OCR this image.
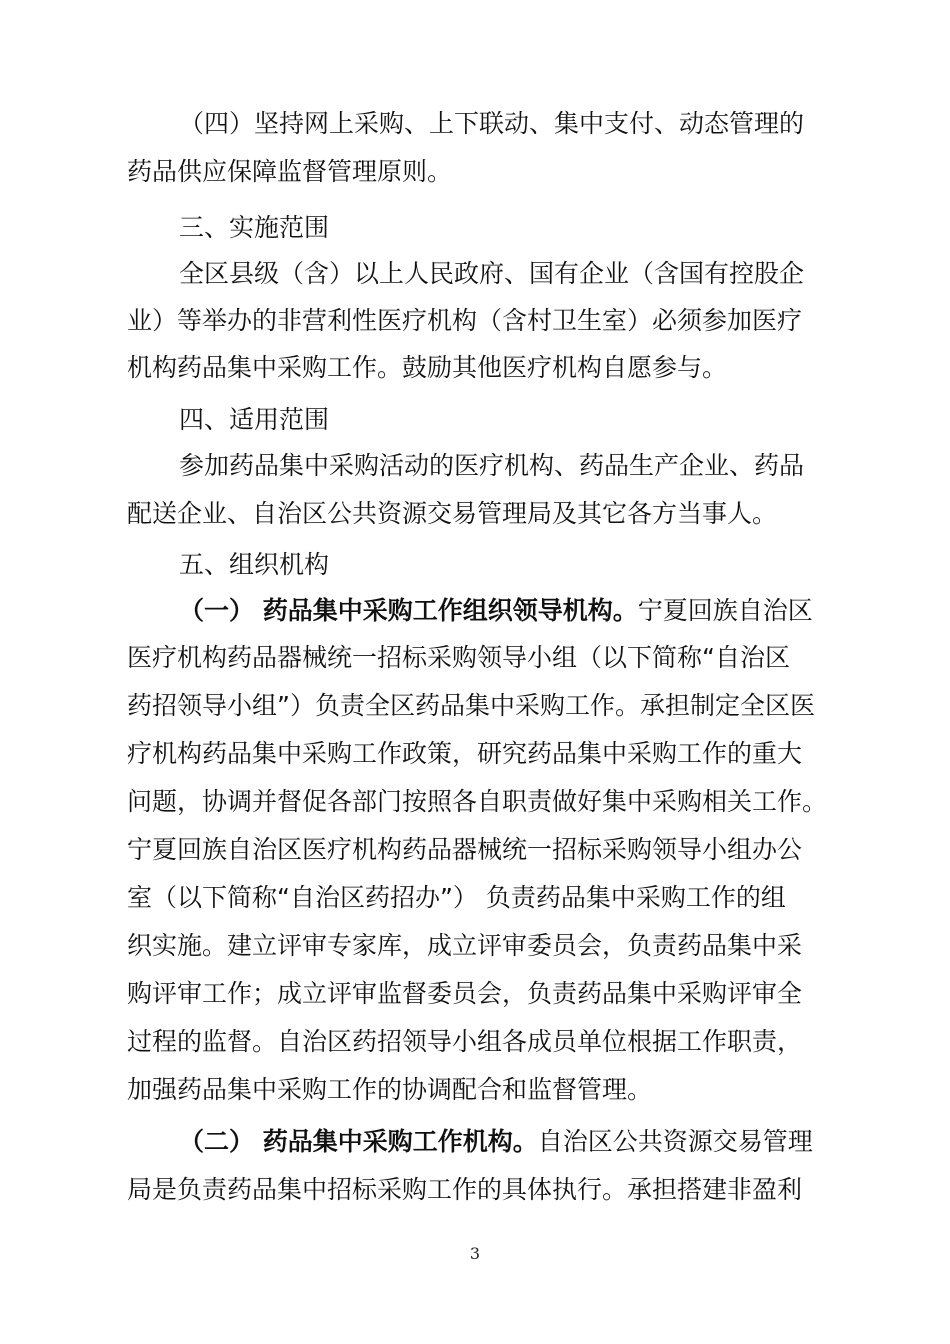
（四）坚持网上采购、上下联动、集中支付、动态管理的
药品供应保障监督管理原则。
三、实施范围
全区县级（含）以上人民政府、国有企业（含国有控股企
业）等举办的非营利性医疗机构（含村卫生室）必须参加医疗
机构药品集中采购工作。鼓励其他医疗机构自愿参与。
四、适用范围
参加药品集中采购活动的医疗机构、药品生产企业、药品
配送企业、自治区公共资源交易管理局及其它各方当事人。
五、组织机构
（一） 药品集中采购工作组织领导机构。宁夏回族自治区
医疗机构药品器械统一招标采购领导小组（以下简称“自治区
药招领导小组”）负责全区药品集中采购工作。承担制定全区医
疗机构药品集中采购工作政策，研究药品集中采购工作的重大
问题，协调并督促各部门按照各自职责做好集中采购相关工作。
宁夏回族自治区医疗机构药品器械统一招标采购领导小组办公
室（以下简称“自治区药招办”） 负责药品集中采购工作的组
织实施。建立评审专家库，成立评审委员会，负责药品集中采
购评审工作；成立评审监督委员会，负责药品集中采购评审全
过程的监督。自治区药招领导小组各成员单位根据工作职责，
加强药品集中采购工作的协调配合和监督管理。
（二） 药品集中采购工作机构。自治区公共资源交易管理
局是负责药品集中招标采购工作的具体执行。承担搭建非盈利
3
